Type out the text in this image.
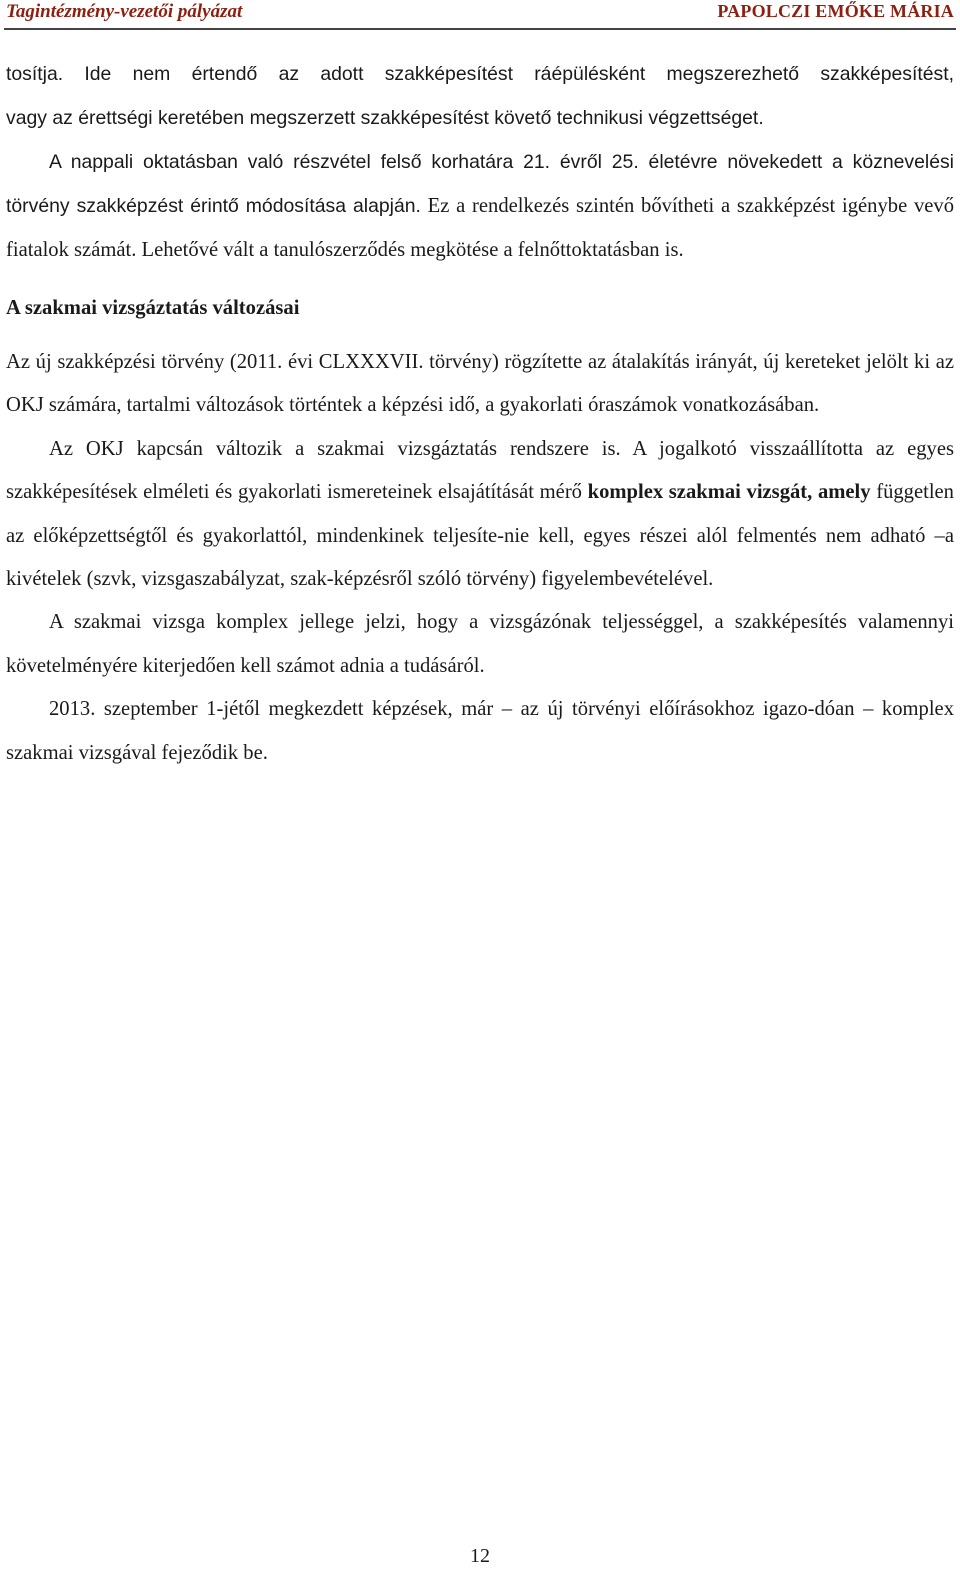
Tagintézmény-vezetői pályázat	PAPOLCZI EMŐKE MÁRIA

tosítja. Ide nem értendő az adott szakképesítést ráépülésként megszerezhető szakképesítést,

vagy az érettségi keretében megszerzett szakképesítést követő technikusi végzettséget.

A nappali oktatásban való részvétel felső korhatára 21. évről 25. életévre növekedett a köznevelési törvény szakképzést érintő módosítása alapján. Ez a rendelkezés szintén bővítheti a szakképzést igénybe vevő fiatalok számát. Lehetővé vált a tanulószerződés megkötése a felnőttoktatásban is.

A szakmai vizsgáztatás változásai

Az új szakképzési törvény (2011. évi CLXXXVII. törvény) rögzítette az átalakítás irányát, új kereteket jelölt ki az OKJ számára, tartalmi változások történtek a képzési idő, a gyakorlati óraszámok vonatkozásában.

Az OKJ kapcsán változik a szakmai vizsgáztatás rendszere is. A jogalkotó visszaállította az egyes szakképesítések elméleti és gyakorlati ismereteinek elsajátítását mérő komplex szakmai vizsgát, amely független az előképzettségtől és gyakorlattól, mindenkinek teljesíte-nie kell, egyes részei alól felmentés nem adható –a kivételek (szvk, vizsgaszabályzat, szak-képzésről szóló törvény) figyelembevételével.

A szakmai vizsga komplex jellege jelzi, hogy a vizsgázónak teljességgel, a szakképesítés valamennyi követelményére kiterjedően kell számot adnia a tudásáról.

2013. szeptember 1-jétől megkezdett képzések, már – az új törvényi előírásokhoz igazo-dóan – komplex szakmai vizsgával fejeződik be.

12
